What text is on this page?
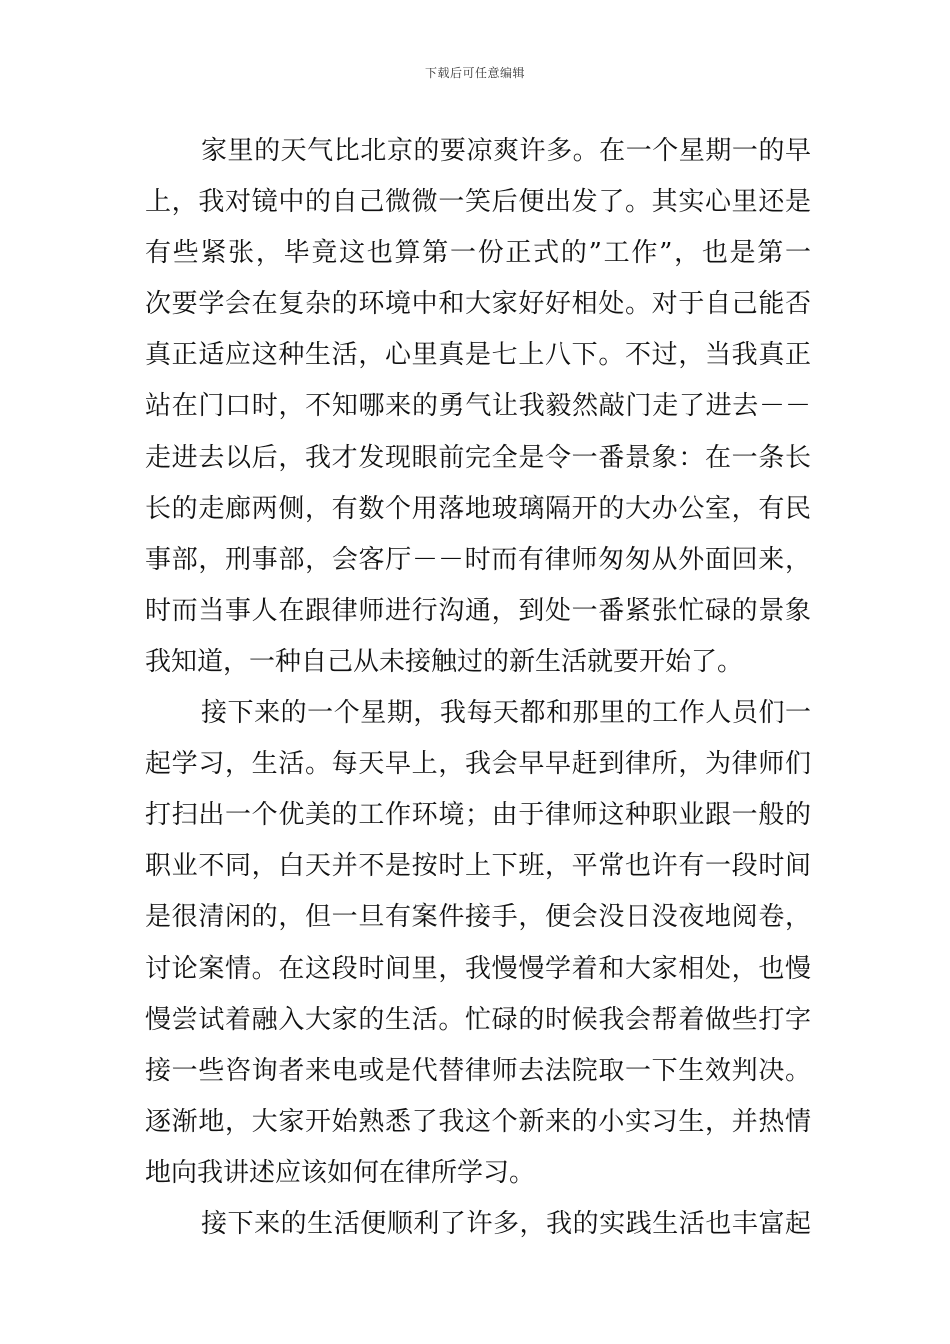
下载后可任意编辑
家里的天气比北京的要凉爽许多。在一个星期一的早
上，我对镜中的自己微微一笑后便出发了。其实心里还是
有些紧张，毕竟这也算第一份正式的”工作”，也是第一
次要学会在复杂的环境中和大家好好相处。对于自己能否
真正适应这种生活，心里真是七上八下。不过，当我真正
站在门口时，不知哪来的勇气让我毅然敲门走了进去－－
走进去以后，我才发现眼前完全是令一番景象：在一条长
长的走廊两侧，有数个用落地玻璃隔开的大办公室，有民
事部，刑事部，会客厅－－时而有律师匆匆从外面回来，
时而当事人在跟律师进行沟通，到处一番紧张忙碌的景象
我知道，一种自己从未接触过的新生活就要开始了。
接下来的一个星期，我每天都和那里的工作人员们一
起学习，生活。每天早上，我会早早赶到律所，为律师们
打扫出一个优美的工作环境；由于律师这种职业跟一般的
职业不同，白天并不是按时上下班，平常也许有一段时间
是很清闲的，但一旦有案件接手，便会没日没夜地阅卷，
讨论案情。在这段时间里，我慢慢学着和大家相处，也慢
慢尝试着融入大家的生活。忙碌的时候我会帮着做些打字
接一些咨询者来电或是代替律师去法院取一下生效判决。
逐渐地，大家开始熟悉了我这个新来的小实习生，并热情
地向我讲述应该如何在律所学习。
接下来的生活便顺利了许多，我的实践生活也丰富起
